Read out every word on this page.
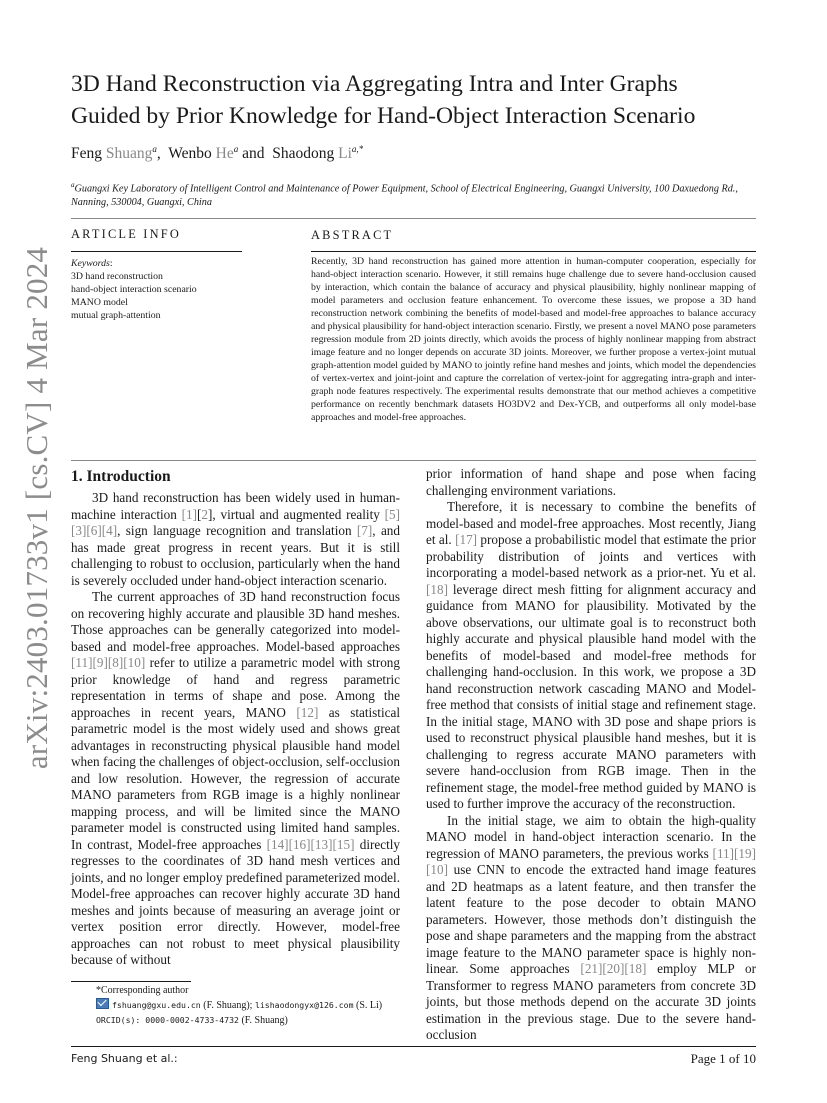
arXiv:2403.01733v1 [cs.CV] 4 Mar 2024
3D Hand Reconstruction via Aggregating Intra and Inter Graphs
Guided by Prior Knowledge for Hand-Object Interaction Scenario
Feng Shuang$^a$,  Wenbo He$^a$ and  Shaodong $Li^{a,*}$
$^a$Guangxi Key Laboratory of Intelligent Control and Maintenance of Power Equipment, School of Electrical Engineering, Guangxi University, 100 Daxuedong Rd., Nanning, 530004, Guangxi, China
ARTICLE INFO
Keywords:
3D hand reconstruction
hand-object interaction scenario
MANO model
mutual graph-attention
ABSTRACT
Recently, 3D hand reconstruction has gained more attention in human-computer cooperation, especially for hand-object interaction scenario. However, it still remains huge challenge due to severe hand-occlusion caused by interaction, which contain the balance of accuracy and physical plausibility, highly nonlinear mapping of model parameters and occlusion feature enhancement. To overcome these issues, we propose a 3D hand reconstruction network combining the benefits of model-based and model-free approaches to balance accuracy and physical plausibility for hand-object interaction scenario. Firstly, we present a novel MANO pose parameters regression module from 2D joints directly, which avoids the process of highly nonlinear mapping from abstract image feature and no longer depends on accurate 3D joints. Moreover, we further propose a vertex-joint mutual graph-attention model guided by MANO to jointly refine hand meshes and joints, which model the dependencies of vertex-vertex and joint-joint and capture the correlation of vertex-joint for aggregating intra-graph and inter-graph node features respectively. The experimental results demonstrate that our method achieves a competitive performance on recently benchmark datasets HO3DV2 and Dex-YCB, and outperforms all only model-base approaches and model-free approaches.
1. Introduction

3D hand reconstruction has been widely used in human-machine interaction [1][2], virtual and augmented reality [5][3][6][4], sign language recognition and translation [7], and has made great progress in recent years. But it is still challenging to robust to occlusion, particularly when the hand is severely occluded under hand-object interaction scenario.

The current approaches of 3D hand reconstruction focus on recovering highly accurate and plausible 3D hand meshes. Those approaches can be generally categorized into model-based and model-free approaches. Model-based approaches [11][9][8][10] refer to utilize a parametric model with strong prior knowledge of hand and regress parametric representation in terms of shape and pose. Among the approaches in recent years, MANO [12] as statistical parametric model is the most widely used and shows great advantages in reconstructing physical plausible hand model when facing the challenges of object-occlusion, self-occlusion and low resolution. However, the regression of accurate MANO parameters from RGB image is a highly nonlinear mapping process, and will be limited since the MANO parameter model is constructed using limited hand samples. In contrast, Model-free approaches [14][16][13][15] directly regresses to the coordinates of 3D hand mesh vertices and joints, and no longer employ predefined parameterized model. Model-free approaches can recover highly accurate 3D hand meshes and joints because of measuring an average joint or vertex position error directly. However, model-free approaches can not robust to meet physical plausibility because of without

prior information of hand shape and pose when facing challenging environment variations.

Therefore, it is necessary to combine the benefits of model-based and model-free approaches. Most recently, Jiang et al. [17] propose a probabilistic model that estimate the prior probability distribution of joints and vertices with incorporating a model-based network as a prior-net. Yu et al. [18] leverage direct mesh fitting for alignment accuracy and guidance from MANO for plausibility. Motivated by the above observations, our ultimate goal is to reconstruct both highly accurate and physical plausible hand model with the benefits of model-based and model-free methods for challenging hand-occlusion. In this work, we propose a 3D hand reconstruction network cascading MANO and Model-free method that consists of initial stage and refinement stage. In the initial stage, MANO with 3D pose and shape priors is used to reconstruct physical plausible hand meshes, but it is challenging to regress accurate MANO parameters with severe hand-occlusion from RGB image. Then in the refinement stage, the model-free method guided by MANO is used to further improve the accuracy of the reconstruction.

In the initial stage, we aim to obtain the high-quality MANO model in hand-object interaction scenario. In the regression of MANO parameters, the previous works [11][19][10] use CNN to encode the extracted hand image features and 2D heatmaps as a latent feature, and then transfer the latent feature to the pose decoder to obtain MANO parameters. However, those methods don’t distinguish the pose and shape parameters and the mapping from the abstract image feature to the MANO parameter space is highly non-linear. Some approaches [21][20][18] employ MLP or Transformer to regress MANO parameters from concrete 3D joints, but those methods depend on the accurate 3D joints estimation in the previous stage. Due to the severe hand-occlusion

*Corresponding author
fshuang@gxu.edu.cn (F. Shuang); lishaodongyx@126.com (S. Li)
ORCID(s): 0000-0002-4733-4732 (F. Shuang)
Feng Shuang et al.:	Page 1 of 10
